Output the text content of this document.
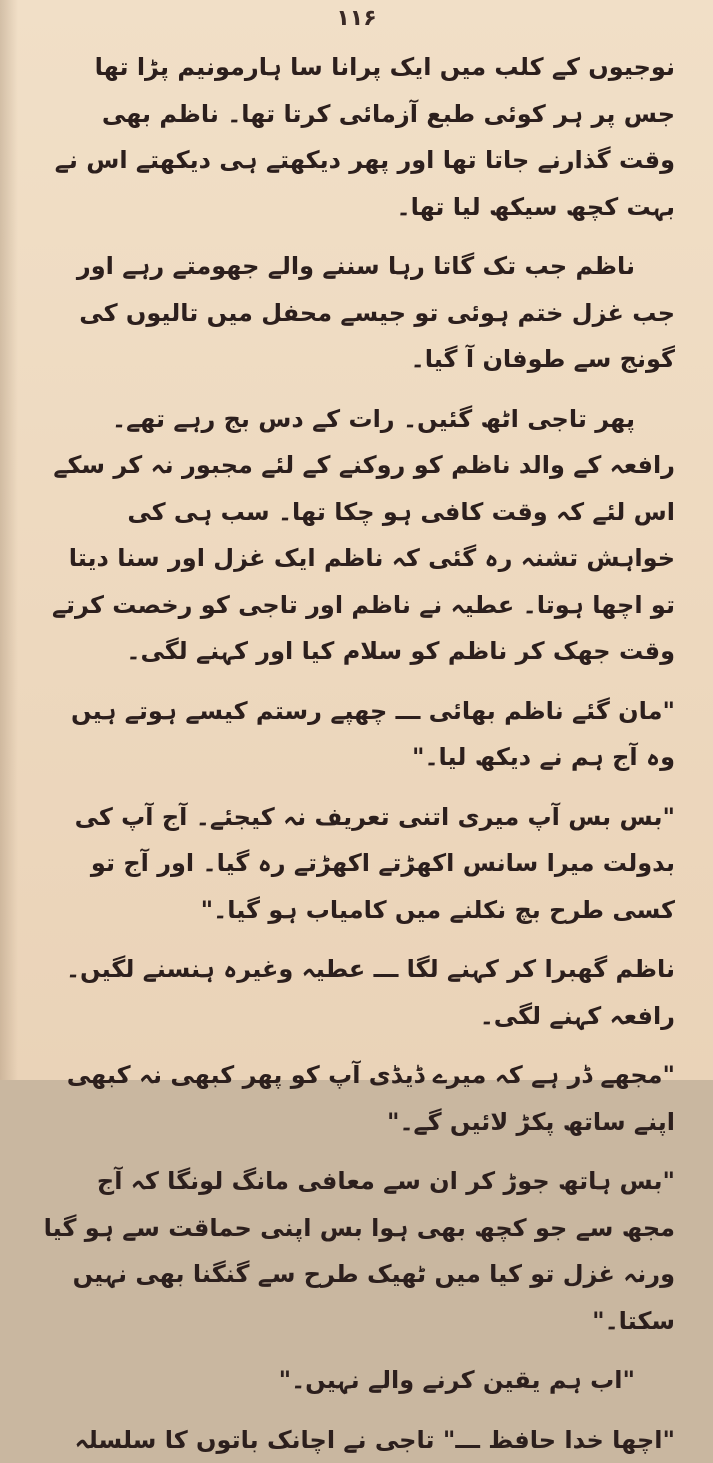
۱۱۶

نوجیوں کے کلب میں ایک پرانا سا ہارمونیم پڑا تھا جس پر ہر کوئی طبع آزمائی کرتا تھا۔ ناظم بھی وقت گذارنے جاتا تھا اور پھر دیکھتے ہی دیکھتے اس نے بہت کچھ سیکھ لیا تھا۔

ناظم جب تک گاتا رہا سننے والے جھومتے رہے اور جب غزل ختم ہوئی تو جیسے محفل میں تالیوں کی گونج سے طوفان آ گیا۔

پھر تاجی اٹھ گئیں۔ رات کے دس بج رہے تھے۔ رافعہ کے والد ناظم کو روکنے کے لئے مجبور نہ کر سکے اس لئے کہ وقت کافی ہو چکا تھا۔ سب ہی کی خواہش تشنہ رہ گئی کہ ناظم ایک غزل اور سنا دیتا تو اچھا ہوتا۔ عطیہ نے ناظم اور تاجی کو رخصت کرتے وقت جھک کر ناظم کو سلام کیا اور کہنے لگی۔

"مان گئے ناظم بھائی ـــ چھپے رستم کیسے ہوتے ہیں وہ آج ہم نے دیکھ لیا۔"

"بس بس آپ میری اتنی تعریف نہ کیجئے۔ آج آپ کی بدولت میرا سانس اکھڑتے اکھڑتے رہ گیا۔ اور آج تو کسی طرح بچ نکلنے میں کامیاب ہو گیا۔"

ناظم گھبرا کر کہنے لگا ـــ عطیہ وغیرہ ہنسنے لگیں۔ رافعہ کہنے لگی۔

"مجھے ڈر ہے کہ میرے ڈیڈی آپ کو پھر کبھی نہ کبھی اپنے ساتھ پکڑ لائیں گے۔"

"بس ہاتھ جوڑ کر ان سے معافی مانگ لونگا کہ آج مجھ سے جو کچھ بھی ہوا بس اپنی حماقت سے ہو گیا ورنہ غزل تو کیا میں ٹھیک طرح سے گنگنا بھی نہیں سکتا۔"

"اب ہم یقین کرنے والے نہیں۔"

"اچھا خدا حافظ ـــ" تاجی نے اچانک باتوں کا سلسلہ
